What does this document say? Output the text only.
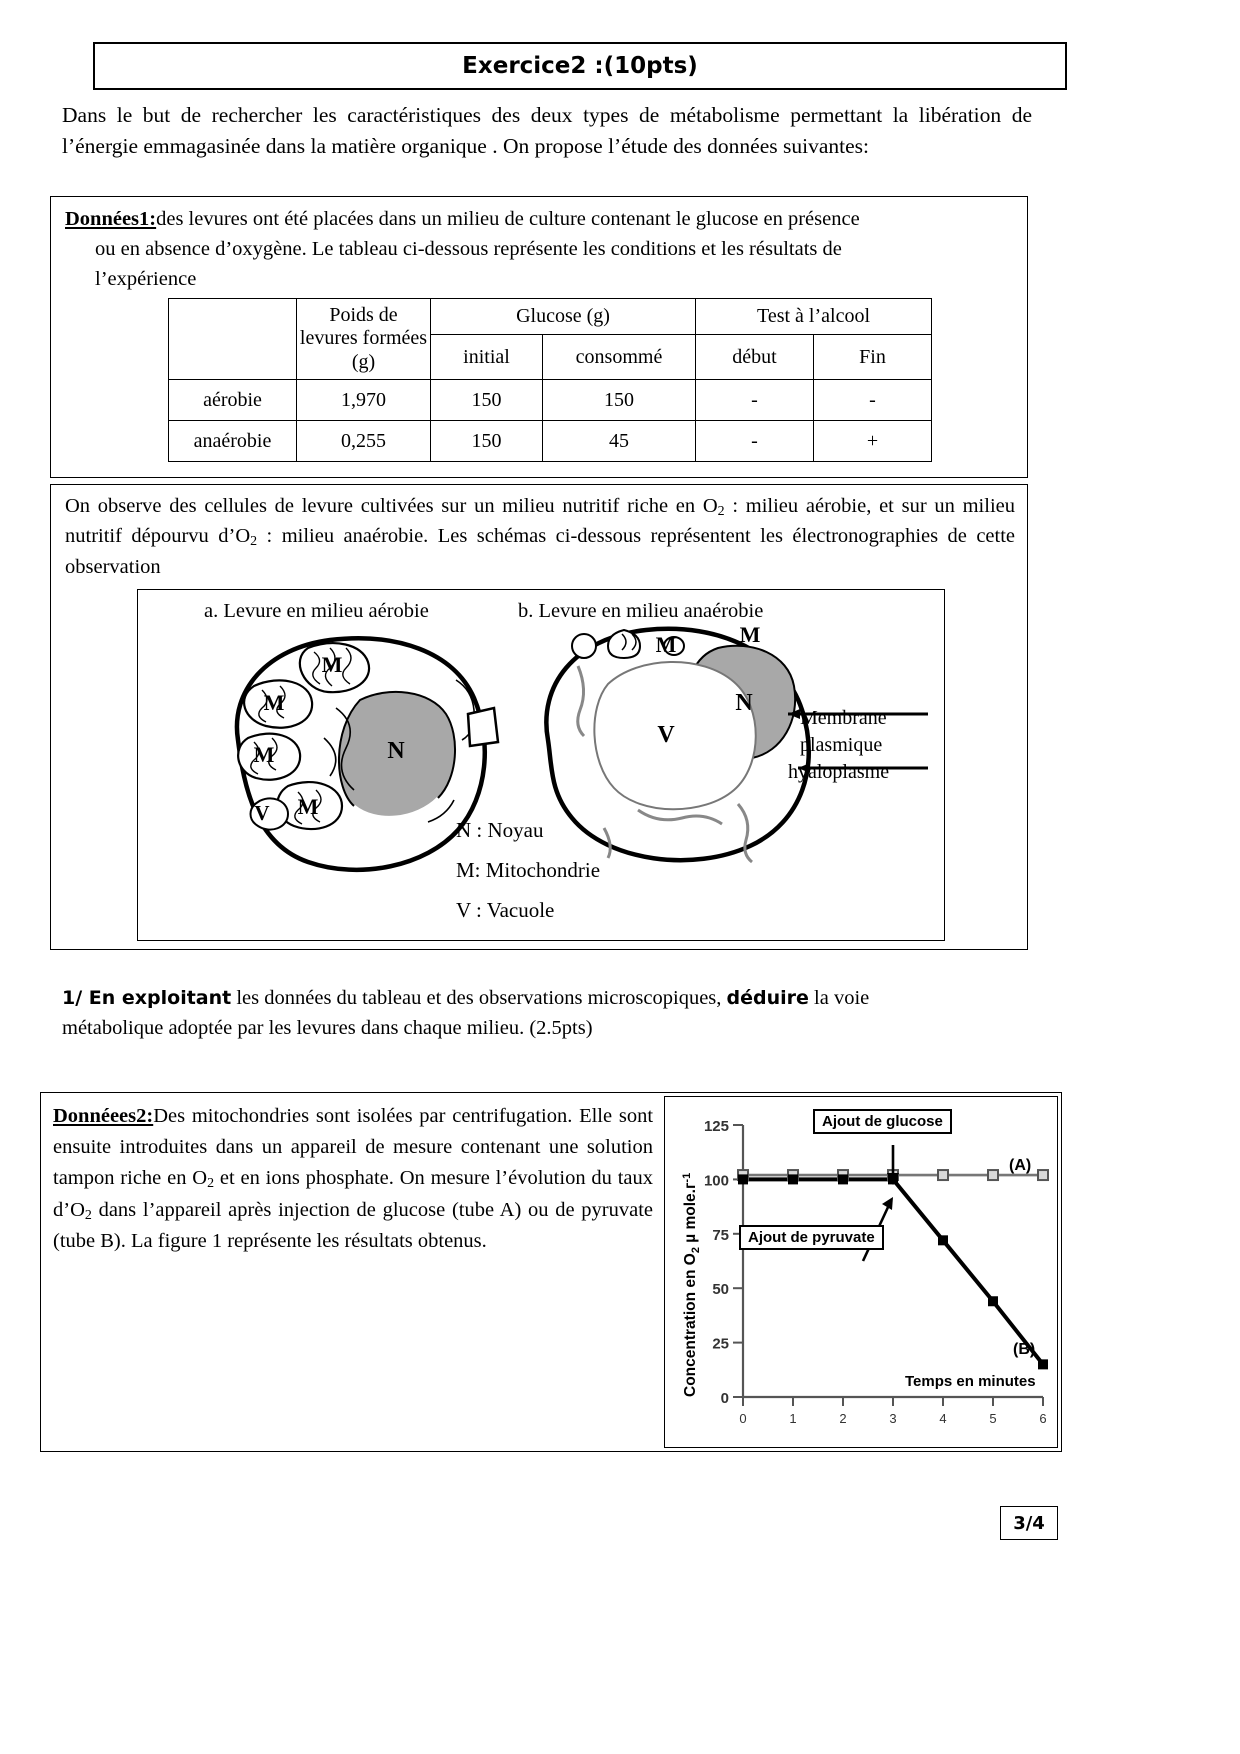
Exercice2 :(10pts)
Dans le but de rechercher les caractéristiques des deux types de métabolisme permettant la libération de l’énergie emmagasinée dans la matière organique . On propose l’étude des données suivantes:
Données1:des levures ont été placées dans un milieu de culture contenant le glucose en présence
ou en absence d’oxygène. Le tableau ci-dessous représente les conditions et les résultats de
l’expérience
	Poids de levures formées (g)	Glucose (g)		Test à l’alcool	
		initial	consommé	début	Fin
aérobie	1,970	150	150	-	-
anaérobie	0,255	150	45	-	+
On observe des cellules de levure cultivées sur un milieu nutritif riche en $O_2$ : milieu aérobie, et sur un milieu nutritif dépourvu $d’O_2$ : milieu anaérobie. Les schémas ci-dessous représentent les électronographies de cette observation
a. Levure en milieu aérobie	b. Levure en milieu anaérobie
M
M
M
M
V
N
M	M
N
V
Membrane
plasmique
hyaloplasme
N : Noyau
M: Mitochondrie
V : Vacuole
1/ En exploitant les données du tableau et des observations microscopiques, déduire la voie
métabolique adoptée par les levures dans chaque milieu. (2.5pts)
Donnéees2:Des mitochondries sont isolées par centrifugation. Elle sont ensuite introduites dans un appareil de mesure contenant une solution tampon riche en $O_2$ et en ions phosphate. On mesure l’évolution du taux $d’O_2$ dans l’appareil après injection de glucose (tube A) ou de pyruvate (tube B). La figure 1 représente les résultats obtenus.
0
25
50
75
100
125
0	1	2	3	4	5	6
Concentration en $O_2$ µ $mole.г^{-1}$
Ajout de glucose
Ajout de pyruvate
(A)
(B)
Temps en minutes
3/4
